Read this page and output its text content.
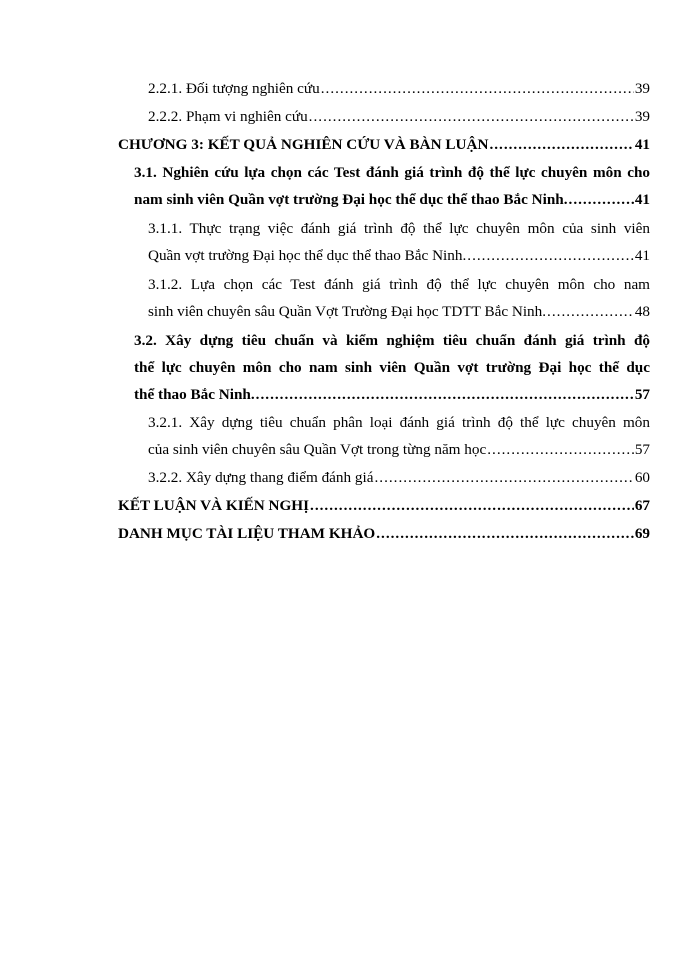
2.2.1. Đối tượng nghiên cứu .....	39
2.2.2. Phạm vi nghiên cứu .....	39
CHƯƠNG 3: KẾT QUẢ NGHIÊN CỨU VÀ BÀN LUẬN .....	41
3.1. Nghiên cứu lựa chọn các Test đánh giá trình độ thể lực chuyên môn cho
nam sinh viên Quần vợt trường Đại học thể dục thể thao Bắc Ninh. .....	41
3.1.1. Thực trạng việc đánh giá trình độ thể lực chuyên môn của sinh viên
Quần vợt trường Đại học thể dục thể thao Bắc Ninh. .....	41
3.1.2. Lựa chọn các Test đánh giá trình độ thể lực chuyên môn cho nam
sinh viên chuyên sâu Quần Vợt Trường Đại học TDTT Bắc Ninh. .....	48
3.2. Xây dựng tiêu chuẩn và kiểm nghiệm tiêu chuẩn đánh giá trình độ
thể lực chuyên môn cho nam sinh viên Quần vợt trường Đại học thể dục
thể thao Bắc Ninh. .....	57
3.2.1. Xây dựng tiêu chuẩn phân loại đánh giá trình độ thể lực chuyên môn
của sinh viên chuyên sâu Quần Vợt trong từng năm học .....	57
3.2.2. Xây dựng thang điểm đánh giá .....	60
KẾT LUẬN VÀ KIẾN NGHỊ .....	67
DANH MỤC TÀI LIỆU THAM KHẢO .....	69
